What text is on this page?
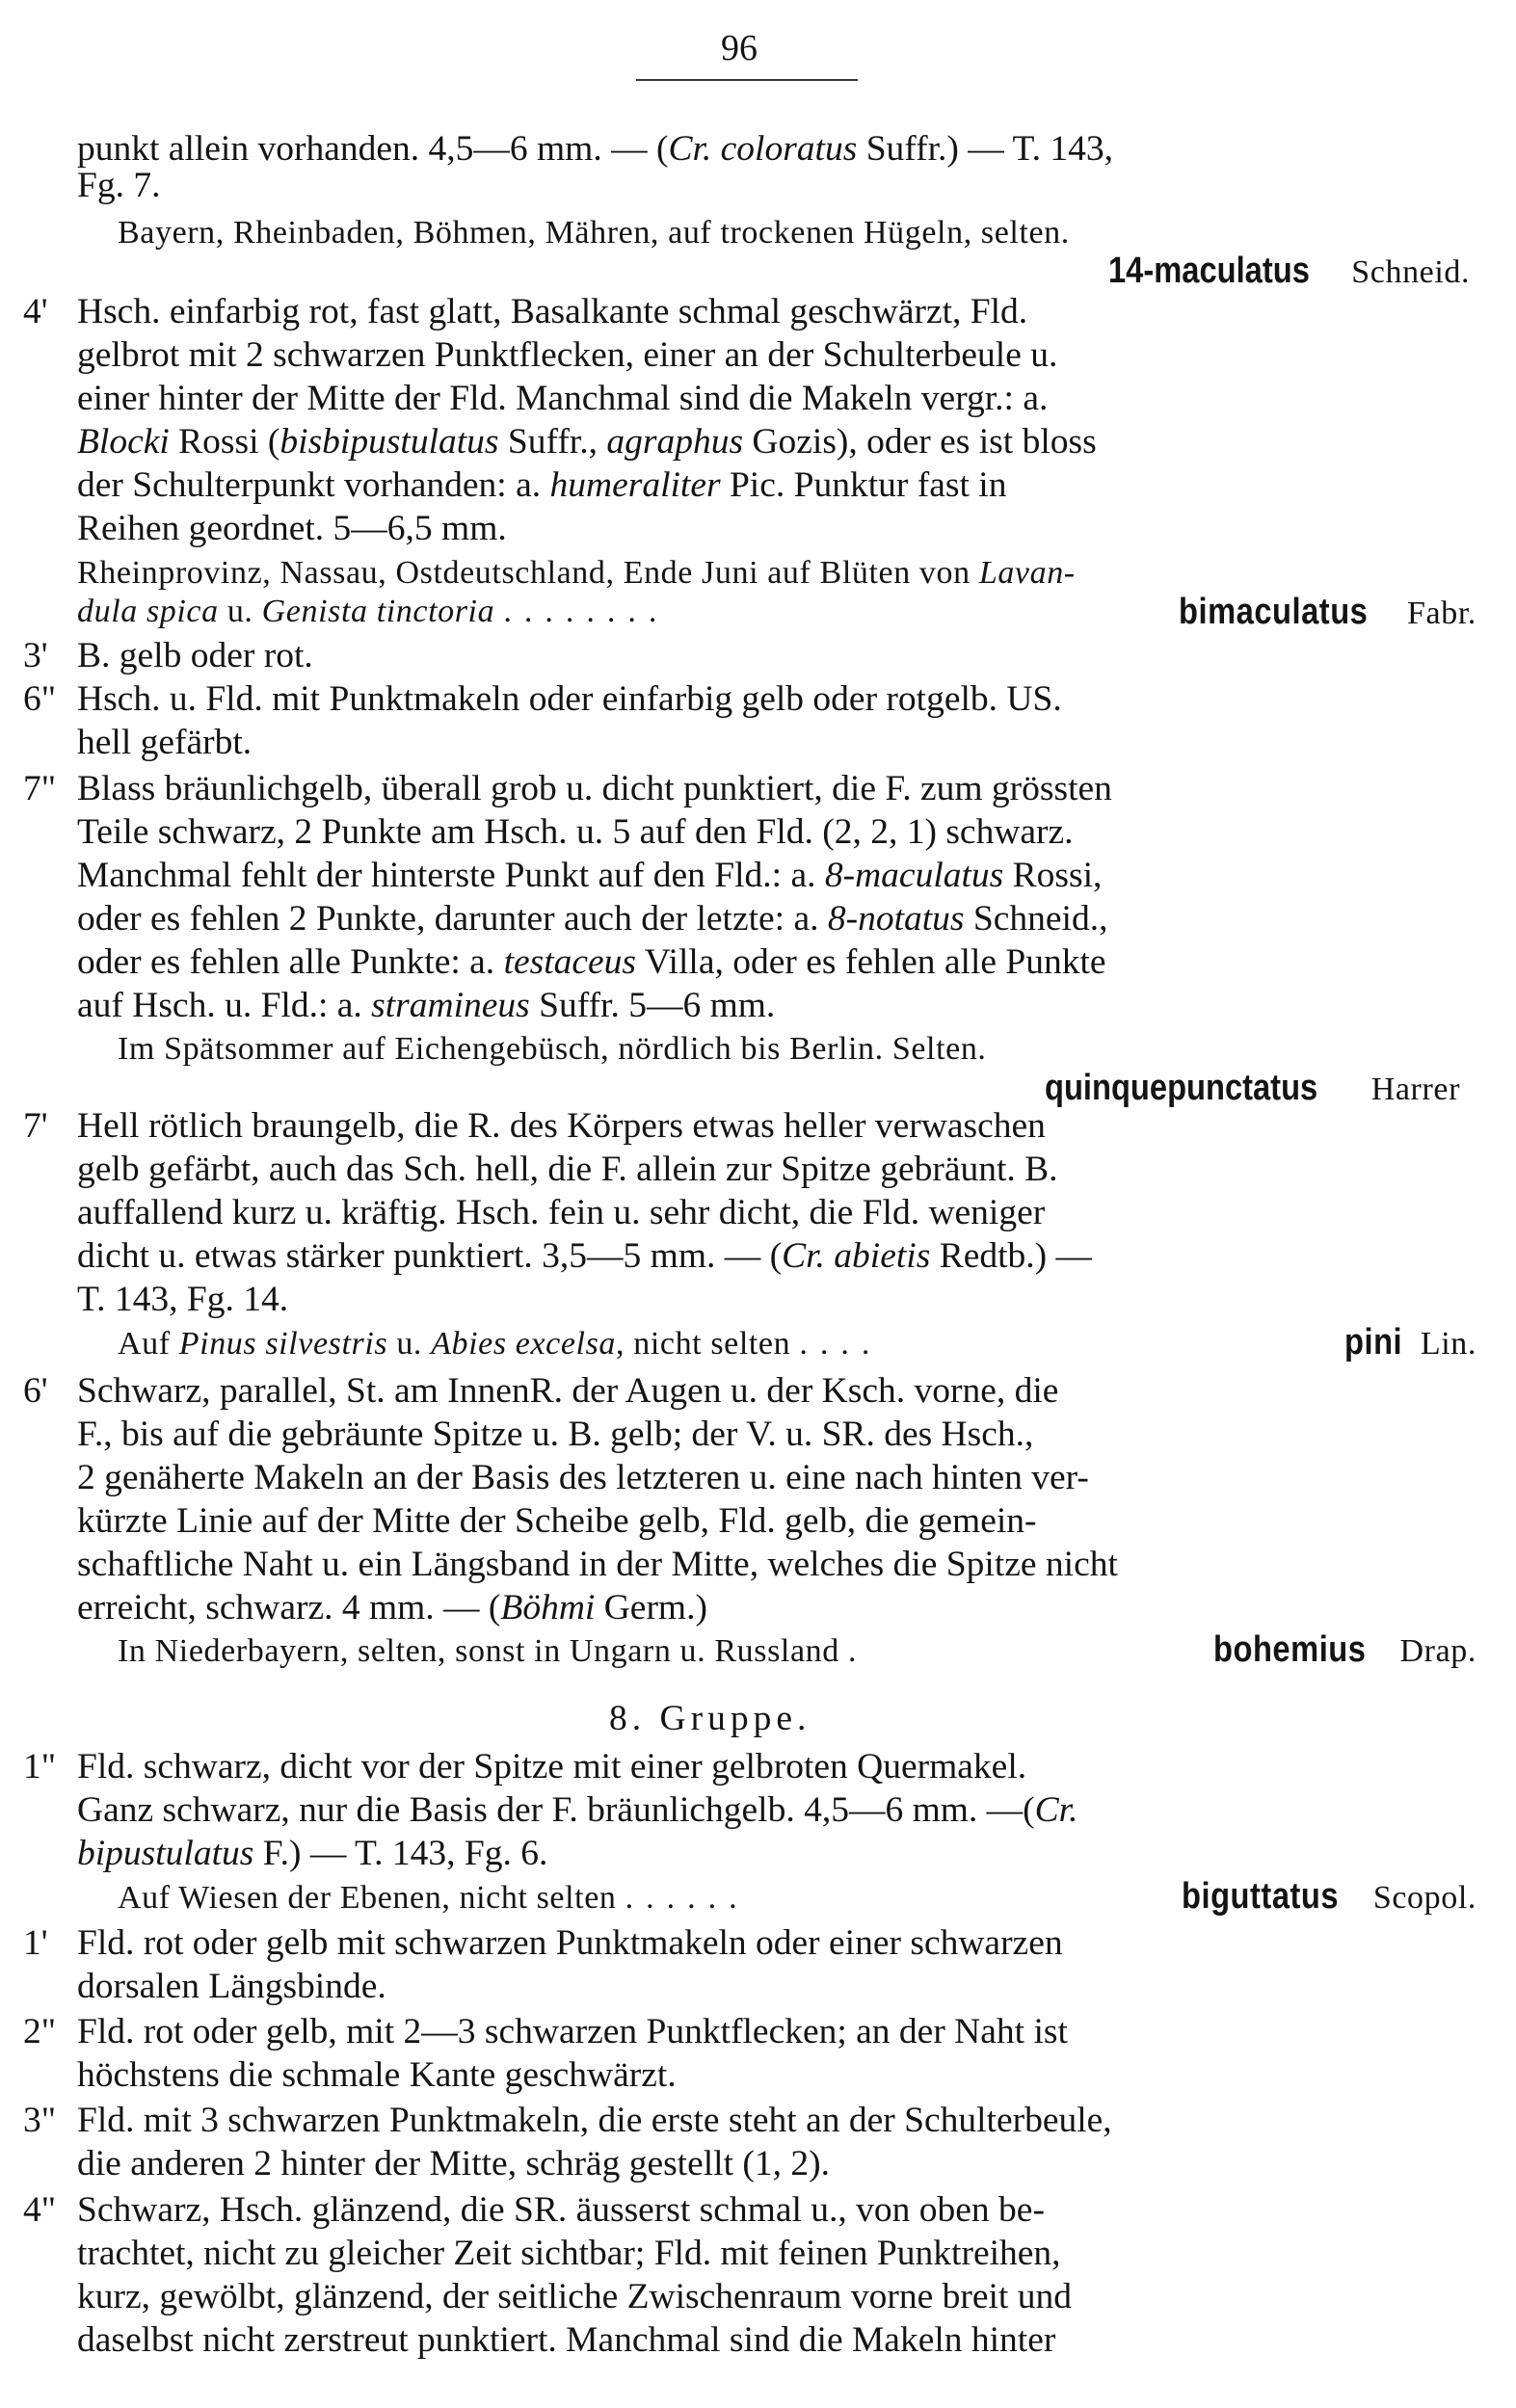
96
punkt allein vorhanden. 4,5—6 mm. — (Cr. coloratus Suffr.) — T. 143,
Fg. 7.
Bayern, Rheinbaden, Böhmen, Mähren, auf trockenen Hügeln, selten.
14-maculatus Schneid.
4' Hsch. einfarbig rot, fast glatt, Basalkante schmal geschwärzt, Fld.
gelbrot mit 2 schwarzen Punktflecken, einer an der Schulterbeule u.
einer hinter der Mitte der Fld. Manchmal sind die Makeln vergr.: a.
Blocki Rossi (bisbipustulatus Suffr., agraphus Gozis), oder es ist bloss
der Schulterpunkt vorhanden: a. humeraliter Pic. Punktur fast in
Reihen geordnet. 5—6,5 mm.
Rheinprovinz, Nassau, Ostdeutschland, Ende Juni auf Blüten von Lavan-
dula spica u. Genista tinctoria ........	bimaculatus Fabr.
3' B. gelb oder rot.
6" Hsch. u. Fld. mit Punktmakeln oder einfarbig gelb oder rotgelb. US.
hell gefärbt.
7" Blass bräunlichgelb, überall grob u. dicht punktiert, die F. zum grössten
Teile schwarz, 2 Punkte am Hsch. u. 5 auf den Fld. (2, 2, 1) schwarz.
Manchmal fehlt der hinterste Punkt auf den Fld.: a. 8-maculatus Rossi,
oder es fehlen 2 Punkte, darunter auch der letzte: a. 8-notatus Schneid.,
oder es fehlen alle Punkte: a. testaceus Villa, oder es fehlen alle Punkte
auf Hsch. u. Fld.: a. stramineus Suffr. 5—6 mm.
Im Spätsommer auf Eichengebüsch, nördlich bis Berlin. Selten.
quinquepunctatus Harrer
7' Hell rötlich braungelb, die R. des Körpers etwas heller verwaschen
gelb gefärbt, auch das Sch. hell, die F. allein zur Spitze gebräunt. B.
auffallend kurz u. kräftig. Hsch. fein u. sehr dicht, die Fld. weniger
dicht u. etwas stärker punktiert. 3,5—5 mm. — (Cr. abietis Redtb.) —
T. 143, Fg. 14.
Auf Pinus silvestris u. Abies excelsa, nicht selten ....	pini Lin.
6' Schwarz, parallel, St. am InnenR. der Augen u. der Ksch. vorne, die
F., bis auf die gebräunte Spitze u. B. gelb; der V. u. SR. des Hsch.,
2 genäherte Makeln an der Basis des letzteren u. eine nach hinten ver-
kürzte Linie auf der Mitte der Scheibe gelb, Fld. gelb, die gemein-
schaftliche Naht u. ein Längsband in der Mitte, welches die Spitze nicht
erreicht, schwarz. 4 mm. — (Böhmi Germ.)
In Niederbayern, selten, sonst in Ungarn u. Russland .	bohemius Drap.
8. Gruppe.
1" Fld. schwarz, dicht vor der Spitze mit einer gelbroten Quermakel.
Ganz schwarz, nur die Basis der F. bräunlichgelb. 4,5—6 mm. —(Cr.
bipustulatus F.) — T. 143, Fg. 6.
Auf Wiesen der Ebenen, nicht selten ......	biguttatus Scopol.
1' Fld. rot oder gelb mit schwarzen Punktmakeln oder einer schwarzen
dorsalen Längsbinde.
2" Fld. rot oder gelb, mit 2—3 schwarzen Punktflecken; an der Naht ist
höchstens die schmale Kante geschwärzt.
3" Fld. mit 3 schwarzen Punktmakeln, die erste steht an der Schulterbeule,
die anderen 2 hinter der Mitte, schräg gestellt (1, 2).
4" Schwarz, Hsch. glänzend, die SR. äusserst schmal u., von oben be-
trachtet, nicht zu gleicher Zeit sichtbar; Fld. mit feinen Punktreihen,
kurz, gewölbt, glänzend, der seitliche Zwischenraum vorne breit und
daselbst nicht zerstreut punktiert. Manchmal sind die Makeln hinter
